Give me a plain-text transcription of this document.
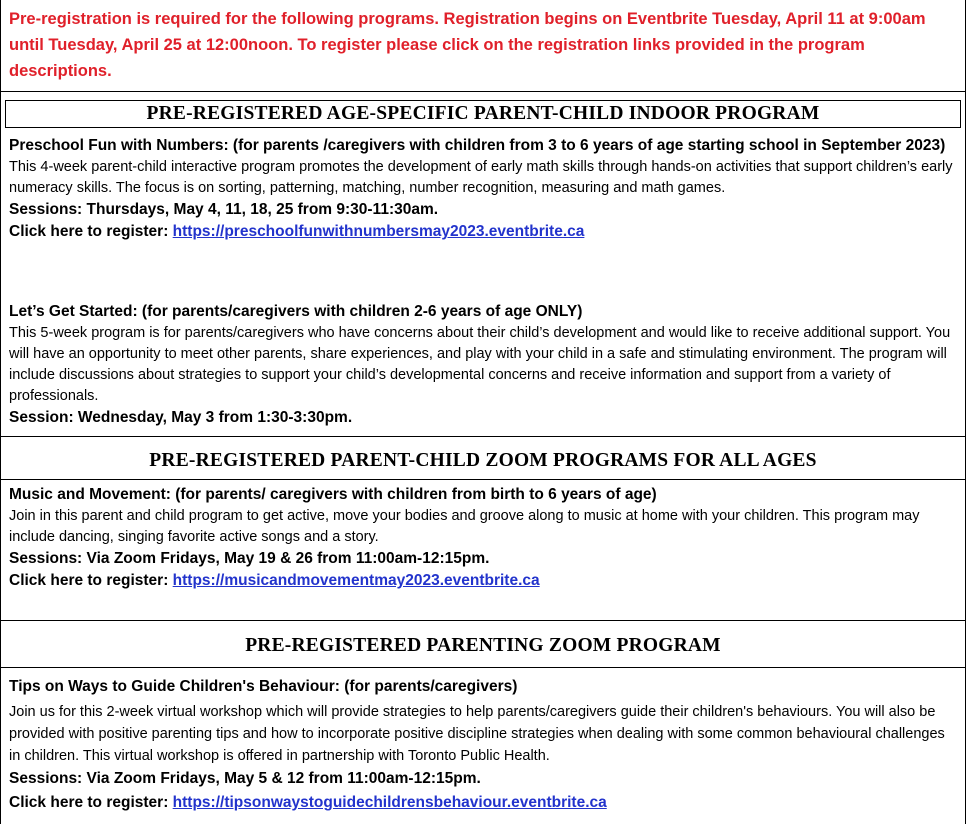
Pre-registration is required for the following programs. Registration begins on Eventbrite Tuesday, April 11 at 9:00am until Tuesday, April 25 at 12:00noon. To register please click on the registration links provided in the program descriptions.

PRE-REGISTERED AGE-SPECIFIC PARENT-CHILD INDOOR PROGRAM

Preschool Fun with Numbers: (for parents /caregivers with children from 3 to 6 years of age starting school in September 2023)

This 4-week parent-child interactive program promotes the development of early math skills through hands-on activities that support children’s early numeracy skills. The focus is on sorting, patterning, matching, number recognition, measuring and math games.

Sessions: Thursdays, May 4, 11, 18, 25 from 9:30-11:30am.

Click here to register: https://preschoolfunwithnumbersmay2023.eventbrite.ca

Let’s Get Started: (for parents/caregivers with children 2-6 years of age ONLY)

This 5-week program is for parents/caregivers who have concerns about their child’s development and would like to receive additional support. You will have an opportunity to meet other parents, share experiences, and play with your child in a safe and stimulating environment. The program will include discussions about strategies to support your child’s developmental concerns and receive information and support from a variety of professionals.

Session: Wednesday, May 3 from 1:30-3:30pm.

PRE-REGISTERED PARENT-CHILD ZOOM PROGRAMS FOR ALL AGES

Music and Movement: (for parents/ caregivers with children from birth to 6 years of age)

Join in this parent and child program to get active, move your bodies and groove along to music at home with your children. This program may include dancing, singing favorite active songs and a story.

Sessions: Via Zoom Fridays, May 19 & 26 from 11:00am-12:15pm.

Click here to register: https://musicandmovementmay2023.eventbrite.ca

PRE-REGISTERED PARENTING ZOOM PROGRAM

Tips on Ways to Guide Children's Behaviour: (for parents/caregivers)

Join us for this 2-week virtual workshop which will provide strategies to help parents/caregivers guide their children's behaviours. You will also be provided with positive parenting tips and how to incorporate positive discipline strategies when dealing with some common behavioural challenges in children. This virtual workshop is offered in partnership with Toronto Public Health.

Sessions: Via Zoom Fridays, May 5 & 12 from 11:00am-12:15pm.

Click here to register: https://tipsonwaystoguidechildrensbehaviour.eventbrite.ca
